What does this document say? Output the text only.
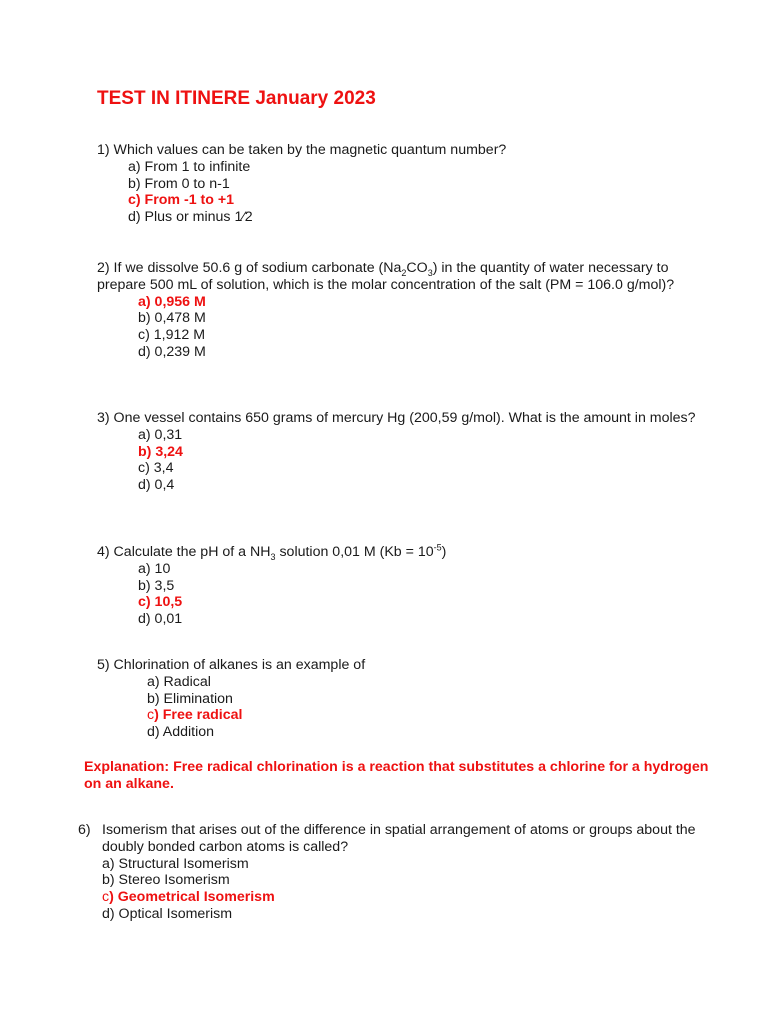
TEST IN ITINERE January 2023

1) Which values can be taken by the magnetic quantum number?

a) From 1 to infinite

b) From 0 to n-1

c) From -1 to +1

d) Plus or minus 1⁄2

2) If we dissolve 50.6 g of sodium carbonate $(Na_2CO_3)$ in the quantity of water necessary to prepare 500 mL of solution, which is the molar concentration of the salt (PM = 106.0 g/mol)?

a) 0,956 M

b) 0,478 M

c) 1,912 M

d) 0,239 M

3) One vessel contains 650 grams of mercury Hg (200,59 g/mol). What is the amount in moles?

a) 0,31

b) 3,24

c) 3,4

d) 0,4

4) Calculate the pH of a $NH_3$ solution 0,01 M $(Kb = 10^{-5})$

a) 10

b) 3,5

c) 10,5

d) 0,01

5) Chlorination of alkanes is an example of

a) Radical

b) Elimination

c) Free radical

d) Addition

Explanation: Free radical chlorination is a reaction that substitutes a chlorine for a hydrogen on an alkane.

6) Isomerism that arises out of the difference in spatial arrangement of atoms or groups about the doubly bonded carbon atoms is called?

a) Structural Isomerism

b) Stereo Isomerism

c) Geometrical Isomerism

d) Optical Isomerism
